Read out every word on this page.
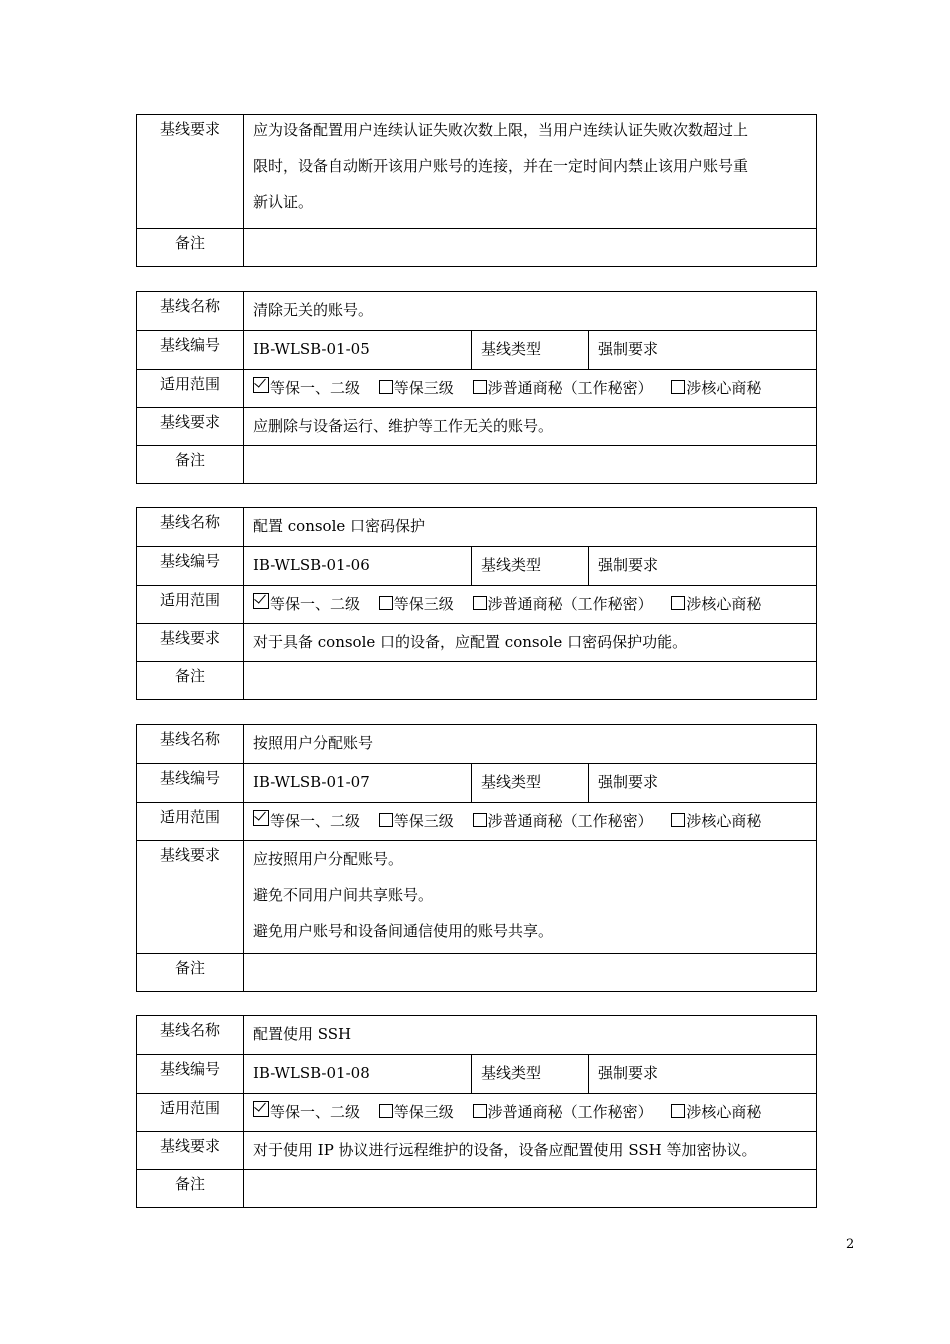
基线要求	应为设备配置用户连续认证失败次数上限，当用户连续认证失败次数超过上

限时，设备自动断开该用户账号的连接，并在一定时间内禁止该用户账号重

新认证。

备注	
基线名称	清除无关的账号。		
基线编号	IB-WLSB-01-05	基线类型	强制要求
适用范围	等保一、二级 等保三级 涉普通商秘（工作秘密） 涉核心商秘		
基线要求	应删除与设备运行、维护等工作无关的账号。		
备注			
基线名称	配置 console 口密码保护		
基线编号	IB-WLSB-01-06	基线类型	强制要求
适用范围	等保一、二级 等保三级 涉普通商秘（工作秘密） 涉核心商秘		
基线要求	对于具备 console 口的设备，应配置 console 口密码保护功能。		
备注			
基线名称	按照用户分配账号		
基线编号	IB-WLSB-01-07	基线类型	强制要求
适用范围	等保一、二级 等保三级 涉普通商秘（工作秘密） 涉核心商秘		
基线要求	应按照用户分配账号。

避免不同用户间共享账号。

避免用户账号和设备间通信使用的账号共享。		

备注			
基线名称	配置使用 SSH		
基线编号	IB-WLSB-01-08	基线类型	强制要求
适用范围	等保一、二级 等保三级 涉普通商秘（工作秘密） 涉核心商秘		
基线要求	对于使用 IP 协议进行远程维护的设备，设备应配置使用 SSH 等加密协议。		
备注			
2
